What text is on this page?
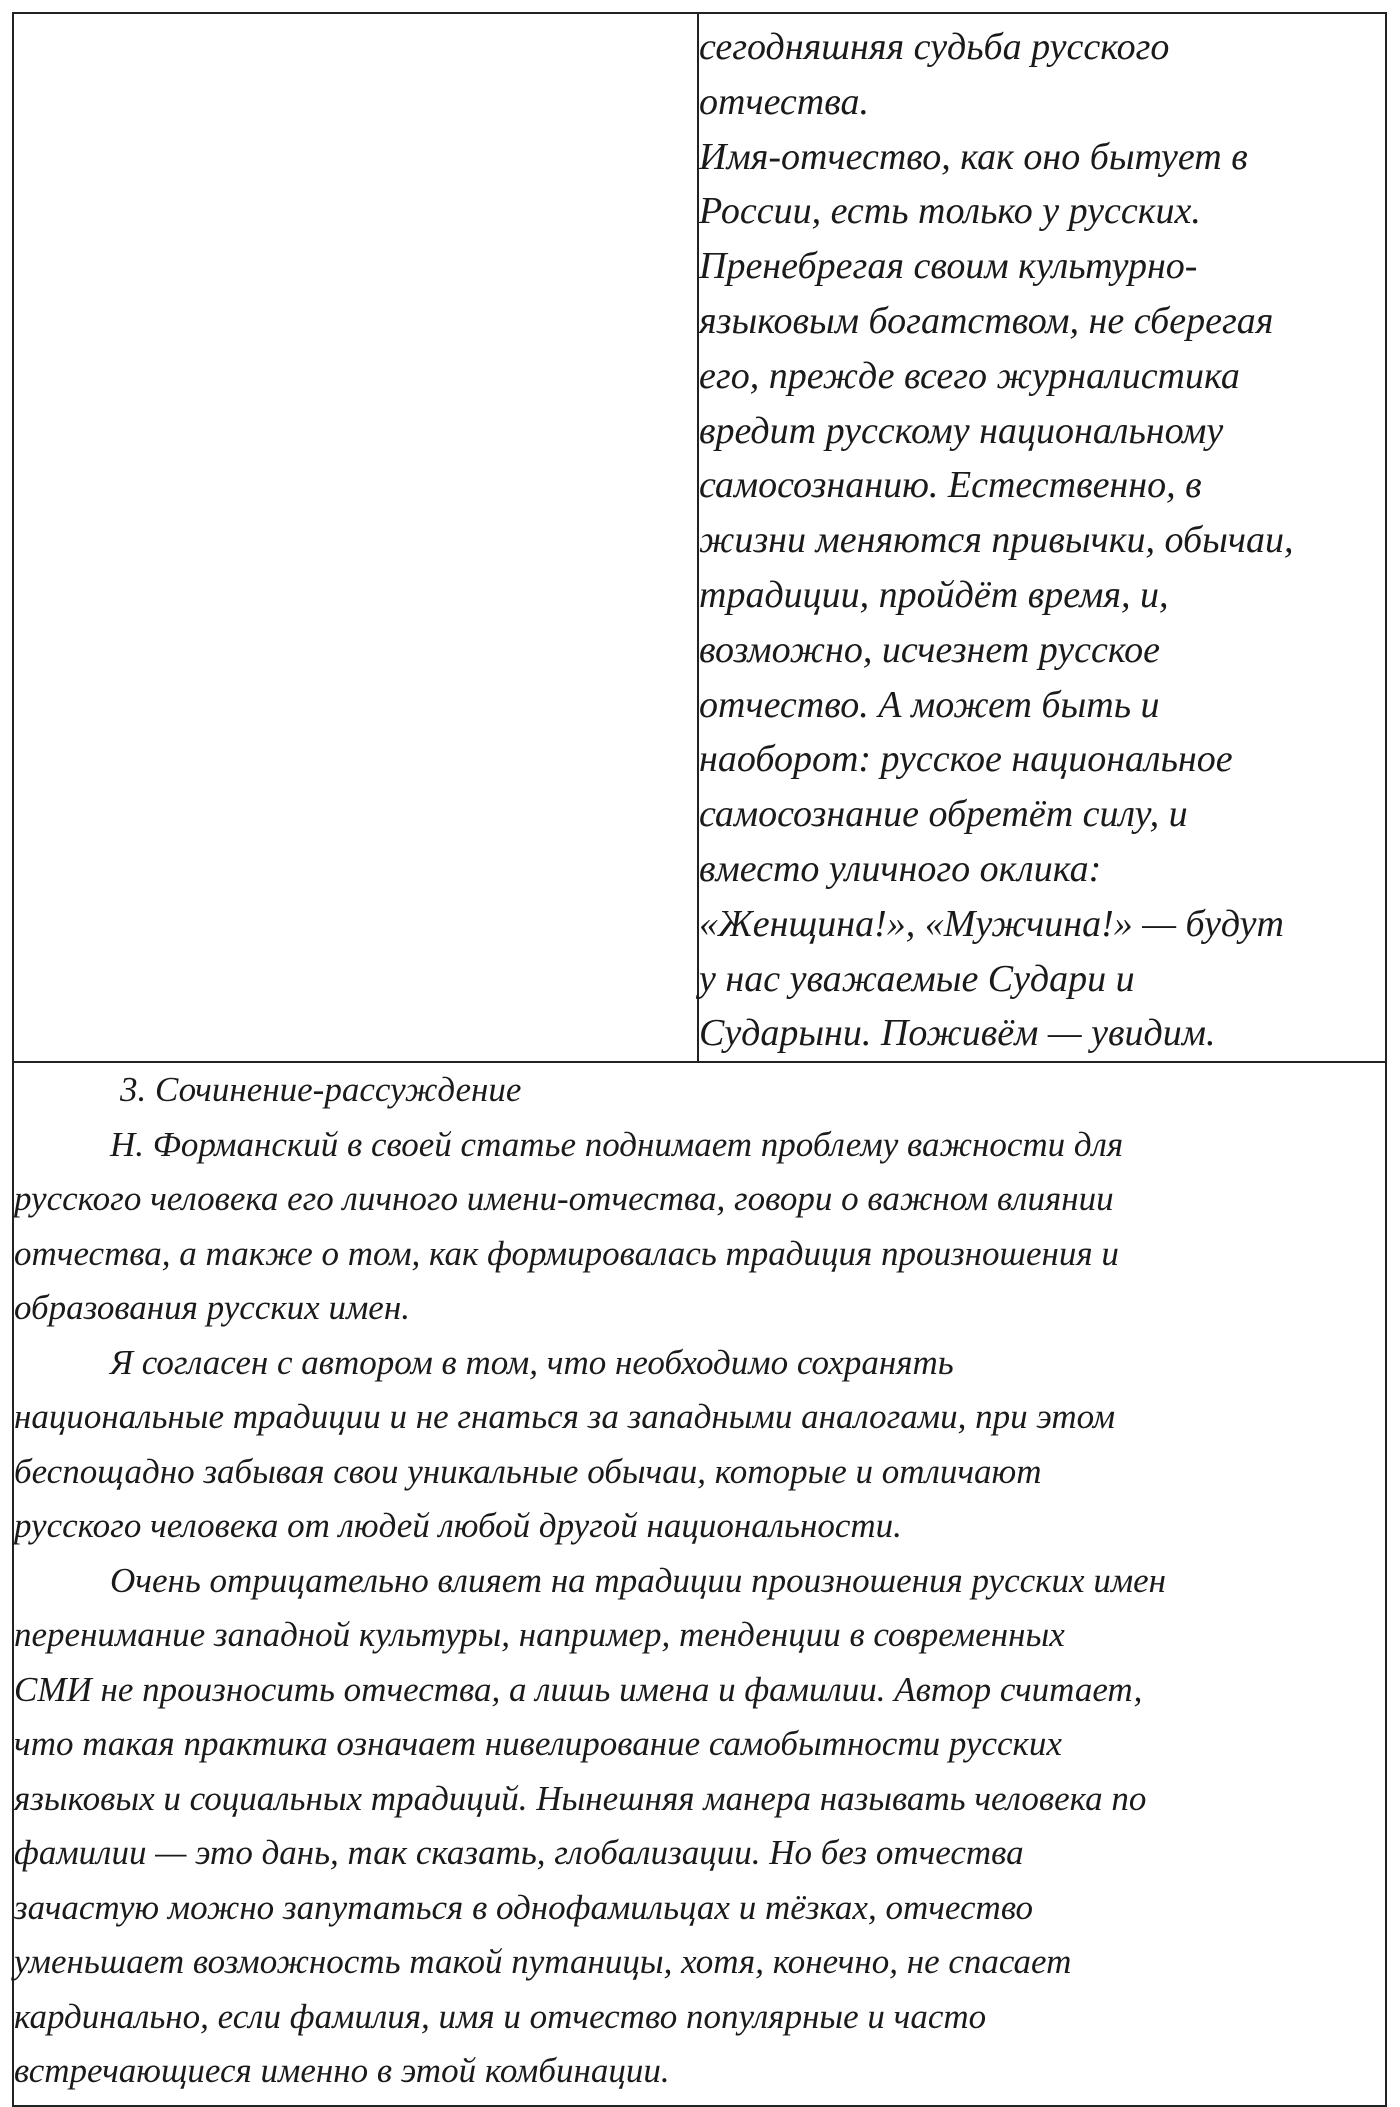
сегодняшняя судьба русского
отчества.
Имя-отчество, как оно бытует в
России, есть только у русских.
Пренебрегая своим культурно-
языковым богатством, не сберегая
его, прежде всего журналистика
вредит русскому национальному
самосознанию. Естественно, в
жизни меняются привычки, обычаи,
традиции, пройдёт время, и,
возможно, исчезнет русское
отчество. А может быть и
наоборот: русское национальное
самосознание обретёт силу, и
вместо уличного оклика:
«Женщина!», «Мужчина!» — будут
у нас уважаемые Судари и
Сударыни. Поживём — увидим.

3. Сочинение-рассуждение

Н. Форманский в своей статье поднимает проблему важности для
русского человека его личного имени-отчества, говори о важном влиянии
отчества, а также о том, как формировалась традиция произношения и
образования русских имен.

Я согласен с автором в том, что необходимо сохранять
национальные традиции и не гнаться за западными аналогами, при этом
беспощадно забывая свои уникальные обычаи, которые и отличают
русского человека от людей любой другой национальности.

Очень отрицательно влияет на традиции произношения русских имен
перенимание западной культуры, например, тенденции в современных
СМИ не произносить отчества, а лишь имена и фамилии. Автор считает,
что такая практика означает нивелирование самобытности русских
языковых и социальных традиций. Нынешняя манера называть человека по
фамилии — это дань, так сказать, глобализации. Но без отчества
зачастую можно запутаться в однофамильцах и тёзках, отчество
уменьшает возможность такой путаницы, хотя, конечно, не спасает
кардинально, если фамилия, имя и отчество популярные и часто
встречающиеся именно в этой комбинации.
